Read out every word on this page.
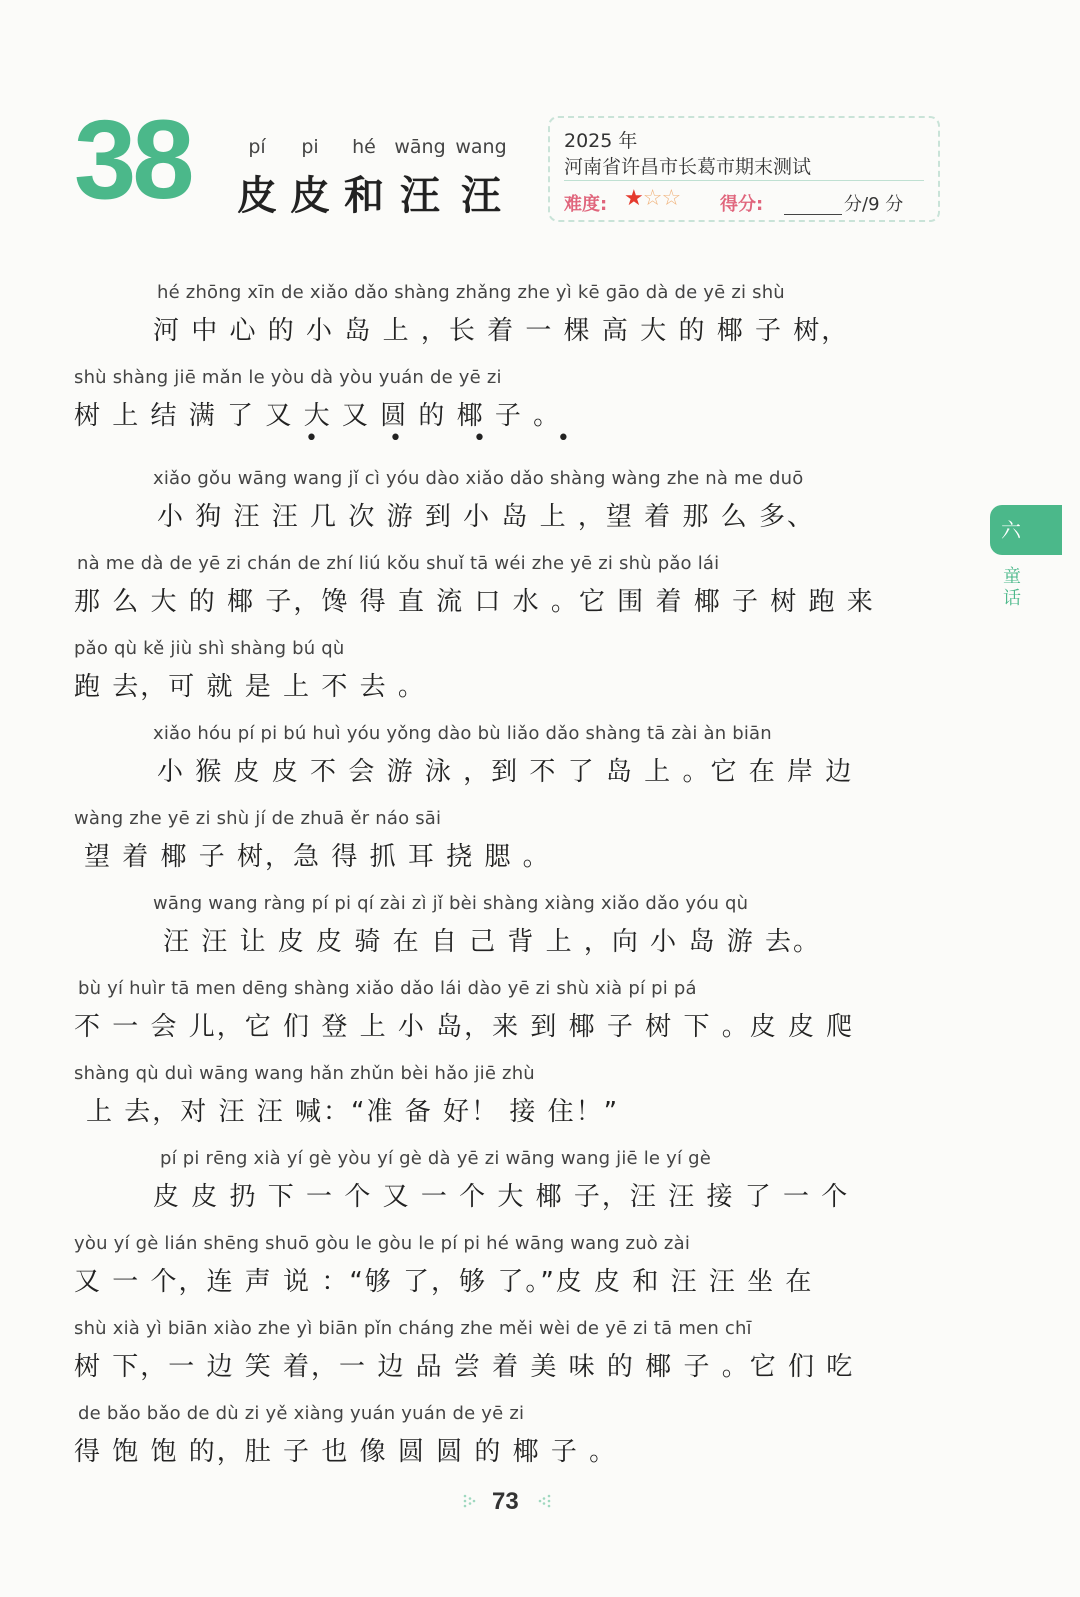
38	pí pi hé wāng wang
皮 皮 和 汪 汪
2025 年
河南省许昌市长葛市期末测试
难度: ★☆☆ 得分:	分/9 分
hé zhōng xīn de xiǎo dǎo shàng zhǎng zhe yì kē gāo dà de yē zi shù
河 中 心 的 小 岛 上 ，长 着 一 棵 高 大 的 椰 子 树，
shù shàng jiē mǎn le yòu dà yòu yuán de yē zi
树 上 结 满 了 又 大 又 圆 的 椰 子 。
• • • •
xiǎo gǒu wāng wang jǐ cì yóu dào xiǎo dǎo shàng wàng zhe nà me duō
小 狗 汪 汪 几 次 游 到 小 岛 上 ，望 着 那 么 多、
nà me dà de yē zi chán de zhí liú kǒu shuǐ tā wéi zhe yē zi shù pǎo lái
那 么 大 的 椰 子，馋 得 直 流 口 水 。它 围 着 椰 子 树 跑 来
pǎo qù kě jiù shì shàng bú qù
跑 去，可 就 是 上 不 去 。
xiǎo hóu pí pi bú huì yóu yǒng dào bù liǎo dǎo shàng tā zài àn biān
小 猴 皮 皮 不 会 游 泳 ，到 不 了 岛 上 。它 在 岸 边
wàng zhe yē zi shù jí de zhuā ěr náo sāi
望 着 椰 子 树，急 得 抓 耳 挠 腮 。
wāng wang ràng pí pi qí zài zì jǐ bèi shàng xiàng xiǎo dǎo yóu qù
汪 汪 让 皮 皮 骑 在 自 己 背 上 ，向 小 岛 游 去。
bù yí huìr tā men dēng shàng xiǎo dǎo lái dào yē zi shù xià pí pi pá
不 一 会 儿，它 们 登 上 小 岛，来 到 椰 子 树 下 。皮 皮 爬
shàng qù duì wāng wang hǎn zhǔn bèi hǎo jiē zhù
上 去，对 汪 汪 喊：“准 备 好！ 接 住！”
pí pi rēng xià yí gè yòu yí gè dà yē zi wāng wang jiē le yí gè
皮 皮 扔 下 一 个 又 一 个 大 椰 子，汪 汪 接 了 一 个
yòu yí gè lián shēng shuō gòu le gòu le pí pi hé wāng wang zuò zài
又 一 个，连 声 说 ：“够 了，够 了。”皮 皮 和 汪 汪 坐 在
shù xià yì biān xiào zhe yì biān pǐn cháng zhe měi wèi de yē zi tā men chī
树 下，一 边 笑 着，一 边 品 尝 着 美 味 的 椰 子 。它 们 吃
de bǎo bǎo de dù zi yě xiàng yuán yuán de yē zi
得 饱 饱 的，肚 子 也 像 圆 圆 的 椰 子 。
六
童话
73
